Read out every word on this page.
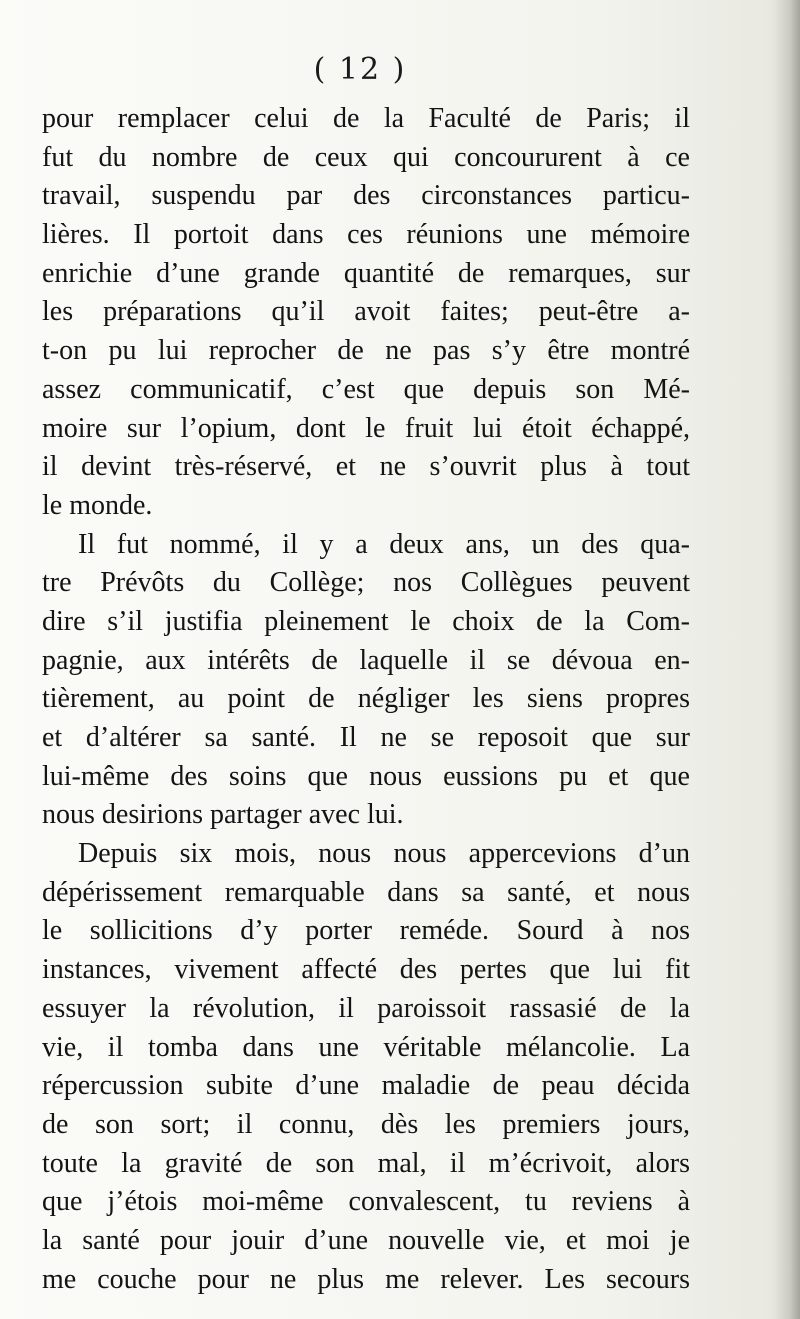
( 12 )
pour remplacer celui de la Faculté de Paris; il
fut du nombre de ceux qui concoururent à ce
travail, suspendu par des circonstances particu-
lières. Il portoit dans ces réunions une mémoire
enrichie d’une grande quantité de remarques, sur
les préparations qu’il avoit faites; peut-être a-
t-on pu lui reprocher de ne pas s’y être montré
assez communicatif, c’est que depuis son Mé-
moire sur l’opium, dont le fruit lui étoit échappé,
il devint très-réservé, et ne s’ouvrit plus à tout
le monde.
Il fut nommé, il y a deux ans, un des qua-
tre Prévôts du Collège; nos Collègues peuvent
dire s’il justifia pleinement le choix de la Com-
pagnie, aux intérêts de laquelle il se dévoua en-
tièrement, au point de négliger les siens propres
et d’altérer sa santé. Il ne se reposoit que sur
lui-même des soins que nous eussions pu et que
nous desirions partager avec lui.
Depuis six mois, nous nous appercevions d’un
dépérissement remarquable dans sa santé, et nous
le sollicitions d’y porter reméde. Sourd à nos
instances, vivement affecté des pertes que lui fit
essuyer la révolution, il paroissoit rassasié de la
vie, il tomba dans une véritable mélancolie. La
répercussion subite d’une maladie de peau décida
de son sort; il connu, dès les premiers jours,
toute la gravité de son mal, il m’écrivoit, alors
que j’étois moi-même convalescent, tu reviens à
la santé pour jouir d’une nouvelle vie, et moi je
me couche pour ne plus me relever. Les secours
